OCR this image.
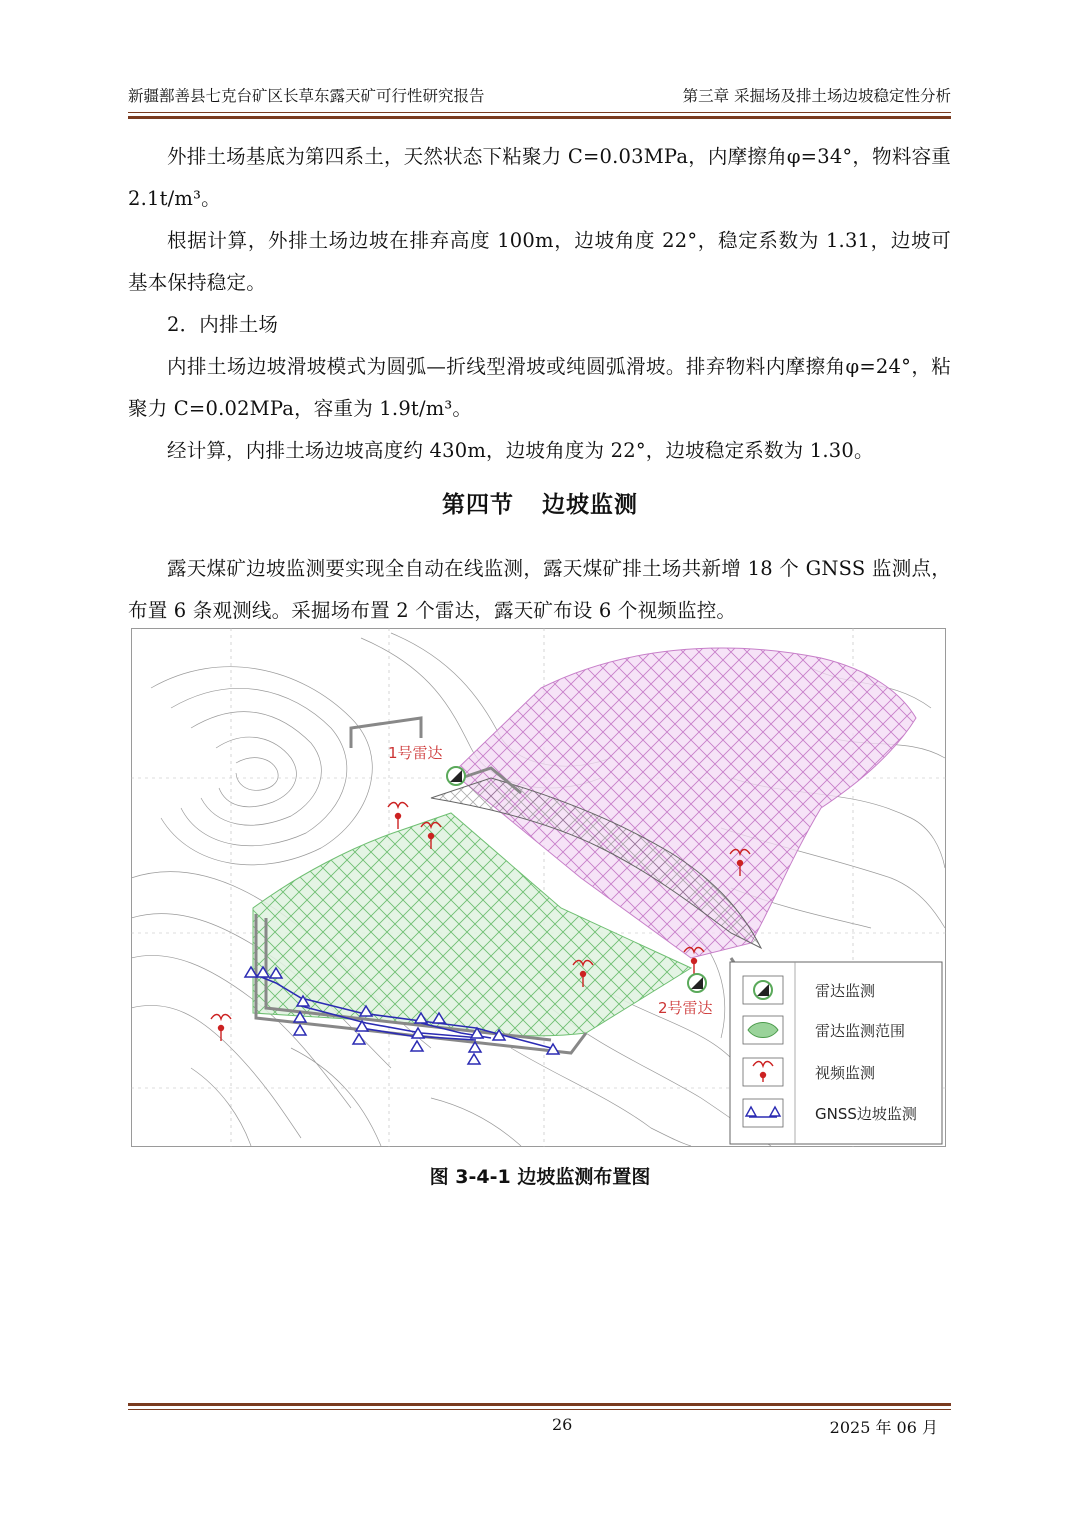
新疆鄯善县七克台矿区长草东露天矿可行性研究报告	第三章 采掘场及排土场边坡稳定性分析
外排土场基底为第四系土，天然状态下粘聚力 C=0.03MPa，内摩擦角φ=34°，物料容重 2.1t/m³。
根据计算，外排土场边坡在排弃高度 100m，边坡角度 22°，稳定系数为 1.31，边坡可基本保持稳定。
2．内排土场
内排土场边坡滑坡模式为圆弧—折线型滑坡或纯圆弧滑坡。排弃物料内摩擦角φ=24°，粘聚力 C=0.02MPa，容重为 1.9t/m³。
经计算，内排土场边坡高度约 430m，边坡角度为 22°，边坡稳定系数为 1.30。
第四节 边坡监测
露天煤矿边坡监测要实现全自动在线监测，露天煤矿排土场共新增 18 个 GNSS 监测点，布置 6 条观测线。采掘场布置 2 个雷达，露天矿布设 6 个视频监控。
1号雷达
2号雷达
雷达监测
雷达监测范围
视频监测
GNSS边坡监测
图 3-4-1 边坡监测布置图
26	2025 年 06 月
